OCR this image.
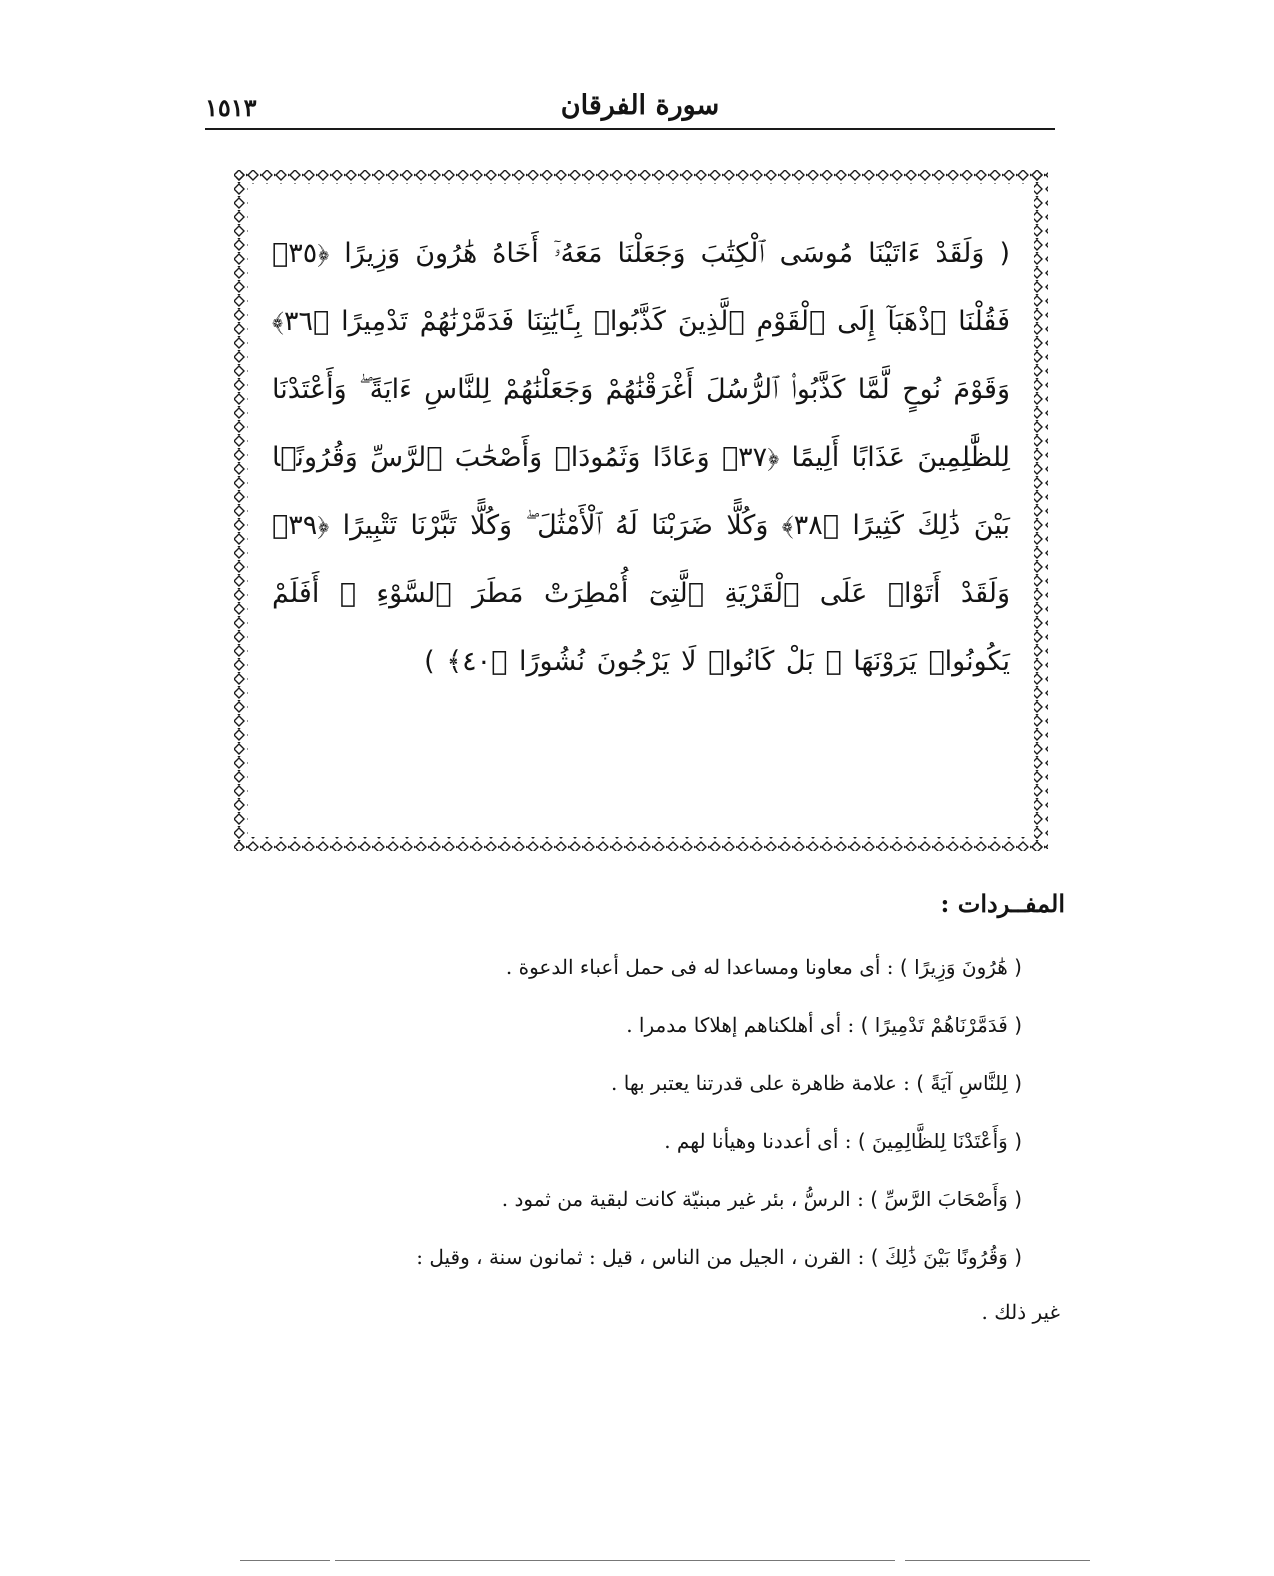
١٥١٣	سورة الفرقان
( وَلَقَدْ ءَاتَيْنَا مُوسَى ٱلْكِتَٰبَ وَجَعَلْنَا مَعَهُۥٓ أَخَاهُ هَٰرُونَ وَزِيرًا ﴿٣٥﴾ فَقُلْنَا ٱذْهَبَآ إِلَى ٱلْقَوْمِ ٱلَّذِينَ كَذَّبُوا۟ بِـَٔايَٰتِنَا فَدَمَّرْنَٰهُمْ تَدْمِيرًا ﴿٣٦﴾ وَقَوْمَ نُوحٍ لَّمَّا كَذَّبُوا۟ ٱلرُّسُلَ أَغْرَقْنَٰهُمْ وَجَعَلْنَٰهُمْ لِلنَّاسِ ءَايَةً ۖ وَأَعْتَدْنَا لِلظَّٰلِمِينَ عَذَابًا أَلِيمًا ﴿٣٧﴾ وَعَادًا وَثَمُودَا۟ وَأَصْحَٰبَ ٱلرَّسِّ وَقُرُونًۢا بَيْنَ ذَٰلِكَ كَثِيرًا ﴿٣٨﴾ وَكُلًّا ضَرَبْنَا لَهُ ٱلْأَمْثَٰلَ ۖ وَكُلًّا تَبَّرْنَا تَتْبِيرًا ﴿٣٩﴾ وَلَقَدْ أَتَوْا۟ عَلَى ٱلْقَرْيَةِ ٱلَّتِىٓ أُمْطِرَتْ مَطَرَ ٱلسَّوْءِ ۚ أَفَلَمْ يَكُونُوا۟ يَرَوْنَهَا ۚ بَلْ كَانُوا۟ لَا يَرْجُونَ نُشُورًا ﴿٤٠﴾ )
المفــردات :
( هَٰرُونَ وَزِيرًا ) : أى معاونا ومساعدا له فى حمل أعباء الدعوة .
( فَدَمَّرْنَاهُمْ تَدْمِيرًا ) : أى أهلكناهم إهلاكا مدمرا .
( لِلنَّاسِ آيَةً ) : علامة ظاهرة على قدرتنا يعتبر بها .
( وَأَعْتَدْنَا لِلظَّالِمِينَ ) : أى أعددنا وهيأنا لهم .
( وَأَصْحَابَ الرَّسِّ ) : الرسُّ ، بئر غير مبنيّة كانت لبقية من ثمود .
( وَقُرُونًا بَيْنَ ذَٰلِكَ ) : القرن ، الجيل من الناس ، قيل : ثمانون سنة ، وقيل :
غير ذلك .
